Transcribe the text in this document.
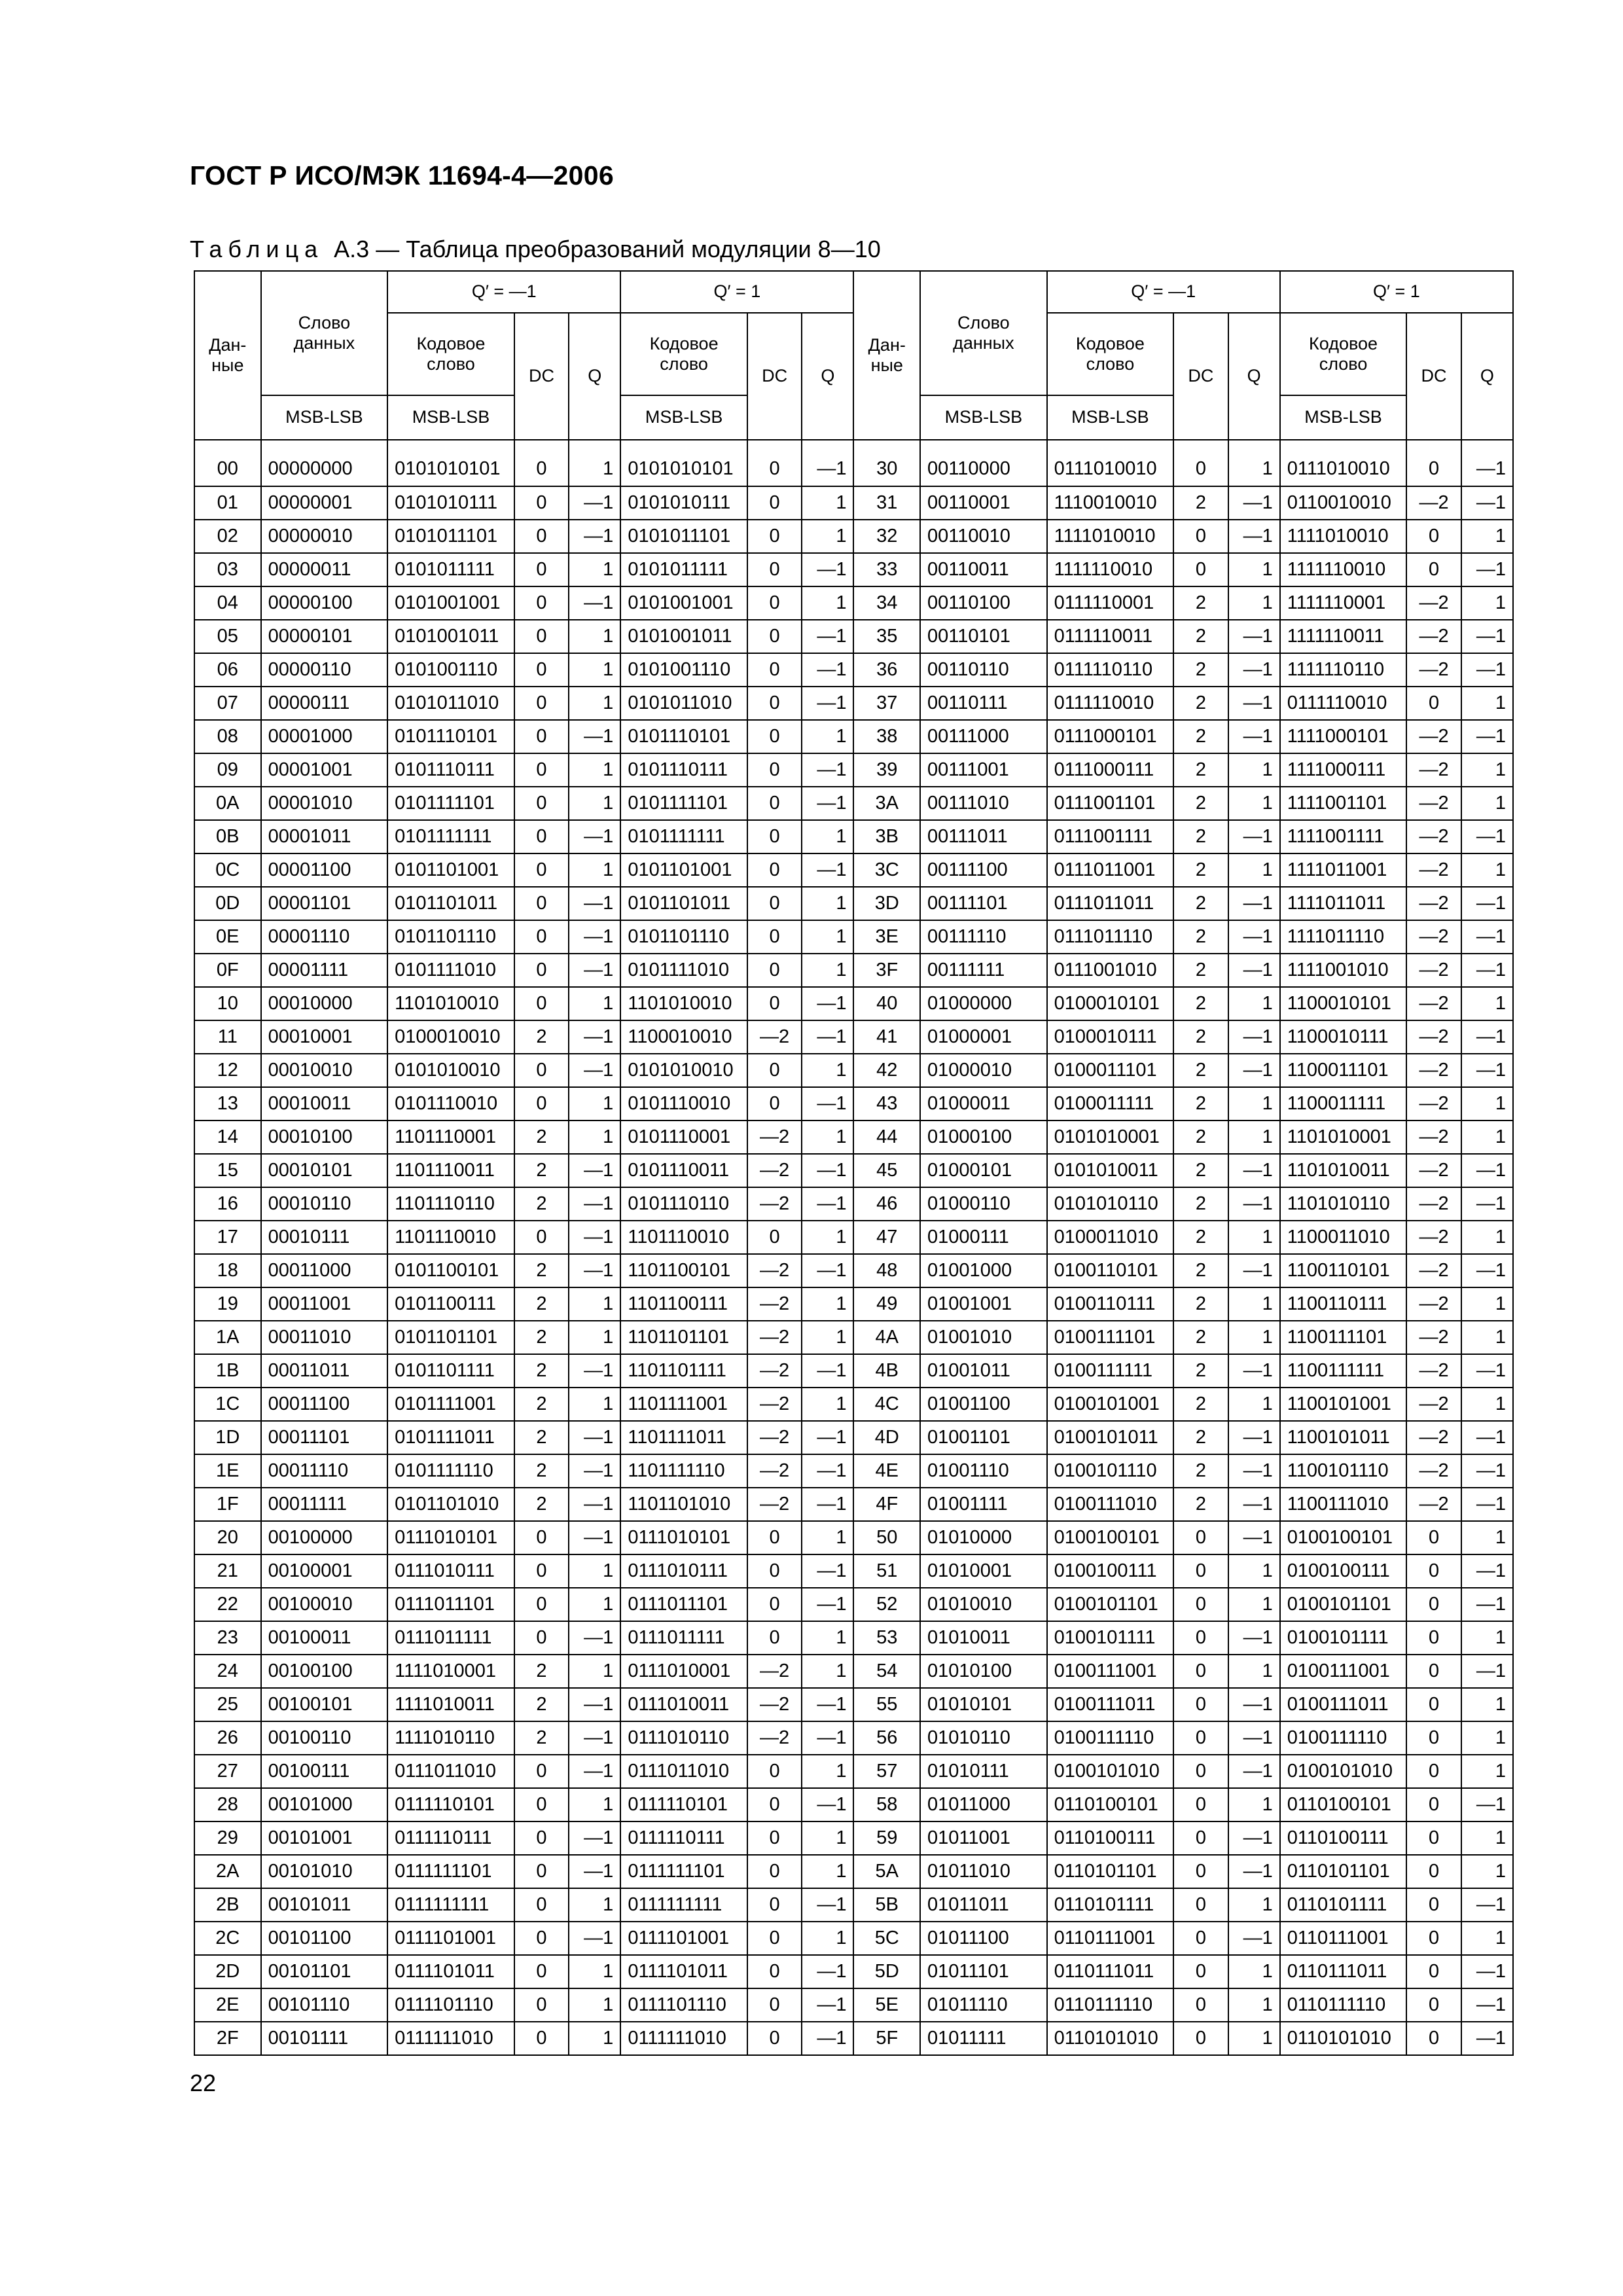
ГОСТ Р ИСО/МЭК 11694-4—2006
Таблица А.3 — Таблица преобразований модуляции 8—10
Дан-ные	Слово данных	Q′ = —1			Q′ = 1			Дан-ные	Слово данных	Q′ = —1			Q′ = 1		
		Кодовое слово	DC	Q	Кодовое слово	DC	Q			Кодовое слово	DC	Q	Кодовое слово	DC	Q
	MSB-LSB	MSB-LSB			MSB-LSB				MSB-LSB	MSB-LSB			MSB-LSB		
00	00000000	0101010101	0	1	0101010101	0	—1	30	00110000	0111010010	0	1	0111010010	0	—1
01	00000001	0101010111	0	—1	0101010111	0	1	31	00110001	1110010010	2	—1	0110010010	—2	—1
02	00000010	0101011101	0	—1	0101011101	0	1	32	00110010	1111010010	0	—1	1111010010	0	1
03	00000011	0101011111	0	1	0101011111	0	—1	33	00110011	1111110010	0	1	1111110010	0	—1
04	00000100	0101001001	0	—1	0101001001	0	1	34	00110100	0111110001	2	1	1111110001	—2	1
05	00000101	0101001011	0	1	0101001011	0	—1	35	00110101	0111110011	2	—1	1111110011	—2	—1
06	00000110	0101001110	0	1	0101001110	0	—1	36	00110110	0111110110	2	—1	1111110110	—2	—1
07	00000111	0101011010	0	1	0101011010	0	—1	37	00110111	0111110010	2	—1	0111110010	0	1
08	00001000	0101110101	0	—1	0101110101	0	1	38	00111000	0111000101	2	—1	1111000101	—2	—1
09	00001001	0101110111	0	1	0101110111	0	—1	39	00111001	0111000111	2	1	1111000111	—2	1
0A	00001010	0101111101	0	1	0101111101	0	—1	3A	00111010	0111001101	2	1	1111001101	—2	1
0B	00001011	0101111111	0	—1	0101111111	0	1	3B	00111011	0111001111	2	—1	1111001111	—2	—1
0C	00001100	0101101001	0	1	0101101001	0	—1	3C	00111100	0111011001	2	1	1111011001	—2	1
0D	00001101	0101101011	0	—1	0101101011	0	1	3D	00111101	0111011011	2	—1	1111011011	—2	—1
0E	00001110	0101101110	0	—1	0101101110	0	1	3E	00111110	0111011110	2	—1	1111011110	—2	—1
0F	00001111	0101111010	0	—1	0101111010	0	1	3F	00111111	0111001010	2	—1	1111001010	—2	—1
10	00010000	1101010010	0	1	1101010010	0	—1	40	01000000	0100010101	2	1	1100010101	—2	1
11	00010001	0100010010	2	—1	1100010010	—2	—1	41	01000001	0100010111	2	—1	1100010111	—2	—1
12	00010010	0101010010	0	—1	0101010010	0	1	42	01000010	0100011101	2	—1	1100011101	—2	—1
13	00010011	0101110010	0	1	0101110010	0	—1	43	01000011	0100011111	2	1	1100011111	—2	1
14	00010100	1101110001	2	1	0101110001	—2	1	44	01000100	0101010001	2	1	1101010001	—2	1
15	00010101	1101110011	2	—1	0101110011	—2	—1	45	01000101	0101010011	2	—1	1101010011	—2	—1
16	00010110	1101110110	2	—1	0101110110	—2	—1	46	01000110	0101010110	2	—1	1101010110	—2	—1
17	00010111	1101110010	0	—1	1101110010	0	1	47	01000111	0100011010	2	1	1100011010	—2	1
18	00011000	0101100101	2	—1	1101100101	—2	—1	48	01001000	0100110101	2	—1	1100110101	—2	—1
19	00011001	0101100111	2	1	1101100111	—2	1	49	01001001	0100110111	2	1	1100110111	—2	1
1A	00011010	0101101101	2	1	1101101101	—2	1	4A	01001010	0100111101	2	1	1100111101	—2	1
1B	00011011	0101101111	2	—1	1101101111	—2	—1	4B	01001011	0100111111	2	—1	1100111111	—2	—1
1C	00011100	0101111001	2	1	1101111001	—2	1	4C	01001100	0100101001	2	1	1100101001	—2	1
1D	00011101	0101111011	2	—1	1101111011	—2	—1	4D	01001101	0100101011	2	—1	1100101011	—2	—1
1E	00011110	0101111110	2	—1	1101111110	—2	—1	4E	01001110	0100101110	2	—1	1100101110	—2	—1
1F	00011111	0101101010	2	—1	1101101010	—2	—1	4F	01001111	0100111010	2	—1	1100111010	—2	—1
20	00100000	0111010101	0	—1	0111010101	0	1	50	01010000	0100100101	0	—1	0100100101	0	1
21	00100001	0111010111	0	1	0111010111	0	—1	51	01010001	0100100111	0	1	0100100111	0	—1
22	00100010	0111011101	0	1	0111011101	0	—1	52	01010010	0100101101	0	1	0100101101	0	—1
23	00100011	0111011111	0	—1	0111011111	0	1	53	01010011	0100101111	0	—1	0100101111	0	1
24	00100100	1111010001	2	1	0111010001	—2	1	54	01010100	0100111001	0	1	0100111001	0	—1
25	00100101	1111010011	2	—1	0111010011	—2	—1	55	01010101	0100111011	0	—1	0100111011	0	1
26	00100110	1111010110	2	—1	0111010110	—2	—1	56	01010110	0100111110	0	—1	0100111110	0	1
27	00100111	0111011010	0	—1	0111011010	0	1	57	01010111	0100101010	0	—1	0100101010	0	1
28	00101000	0111110101	0	1	0111110101	0	—1	58	01011000	0110100101	0	1	0110100101	0	—1
29	00101001	0111110111	0	—1	0111110111	0	1	59	01011001	0110100111	0	—1	0110100111	0	1
2A	00101010	0111111101	0	—1	0111111101	0	1	5A	01011010	0110101101	0	—1	0110101101	0	1
2B	00101011	0111111111	0	1	0111111111	0	—1	5B	01011011	0110101111	0	1	0110101111	0	—1
2C	00101100	0111101001	0	—1	0111101001	0	1	5C	01011100	0110111001	0	—1	0110111001	0	1
2D	00101101	0111101011	0	1	0111101011	0	—1	5D	01011101	0110111011	0	1	0110111011	0	—1
2E	00101110	0111101110	0	1	0111101110	0	—1	5E	01011110	0110111110	0	1	0110111110	0	—1
2F	00101111	0111111010	0	1	0111111010	0	—1	5F	01011111	0110101010	0	1	0110101010	0	—1
22
